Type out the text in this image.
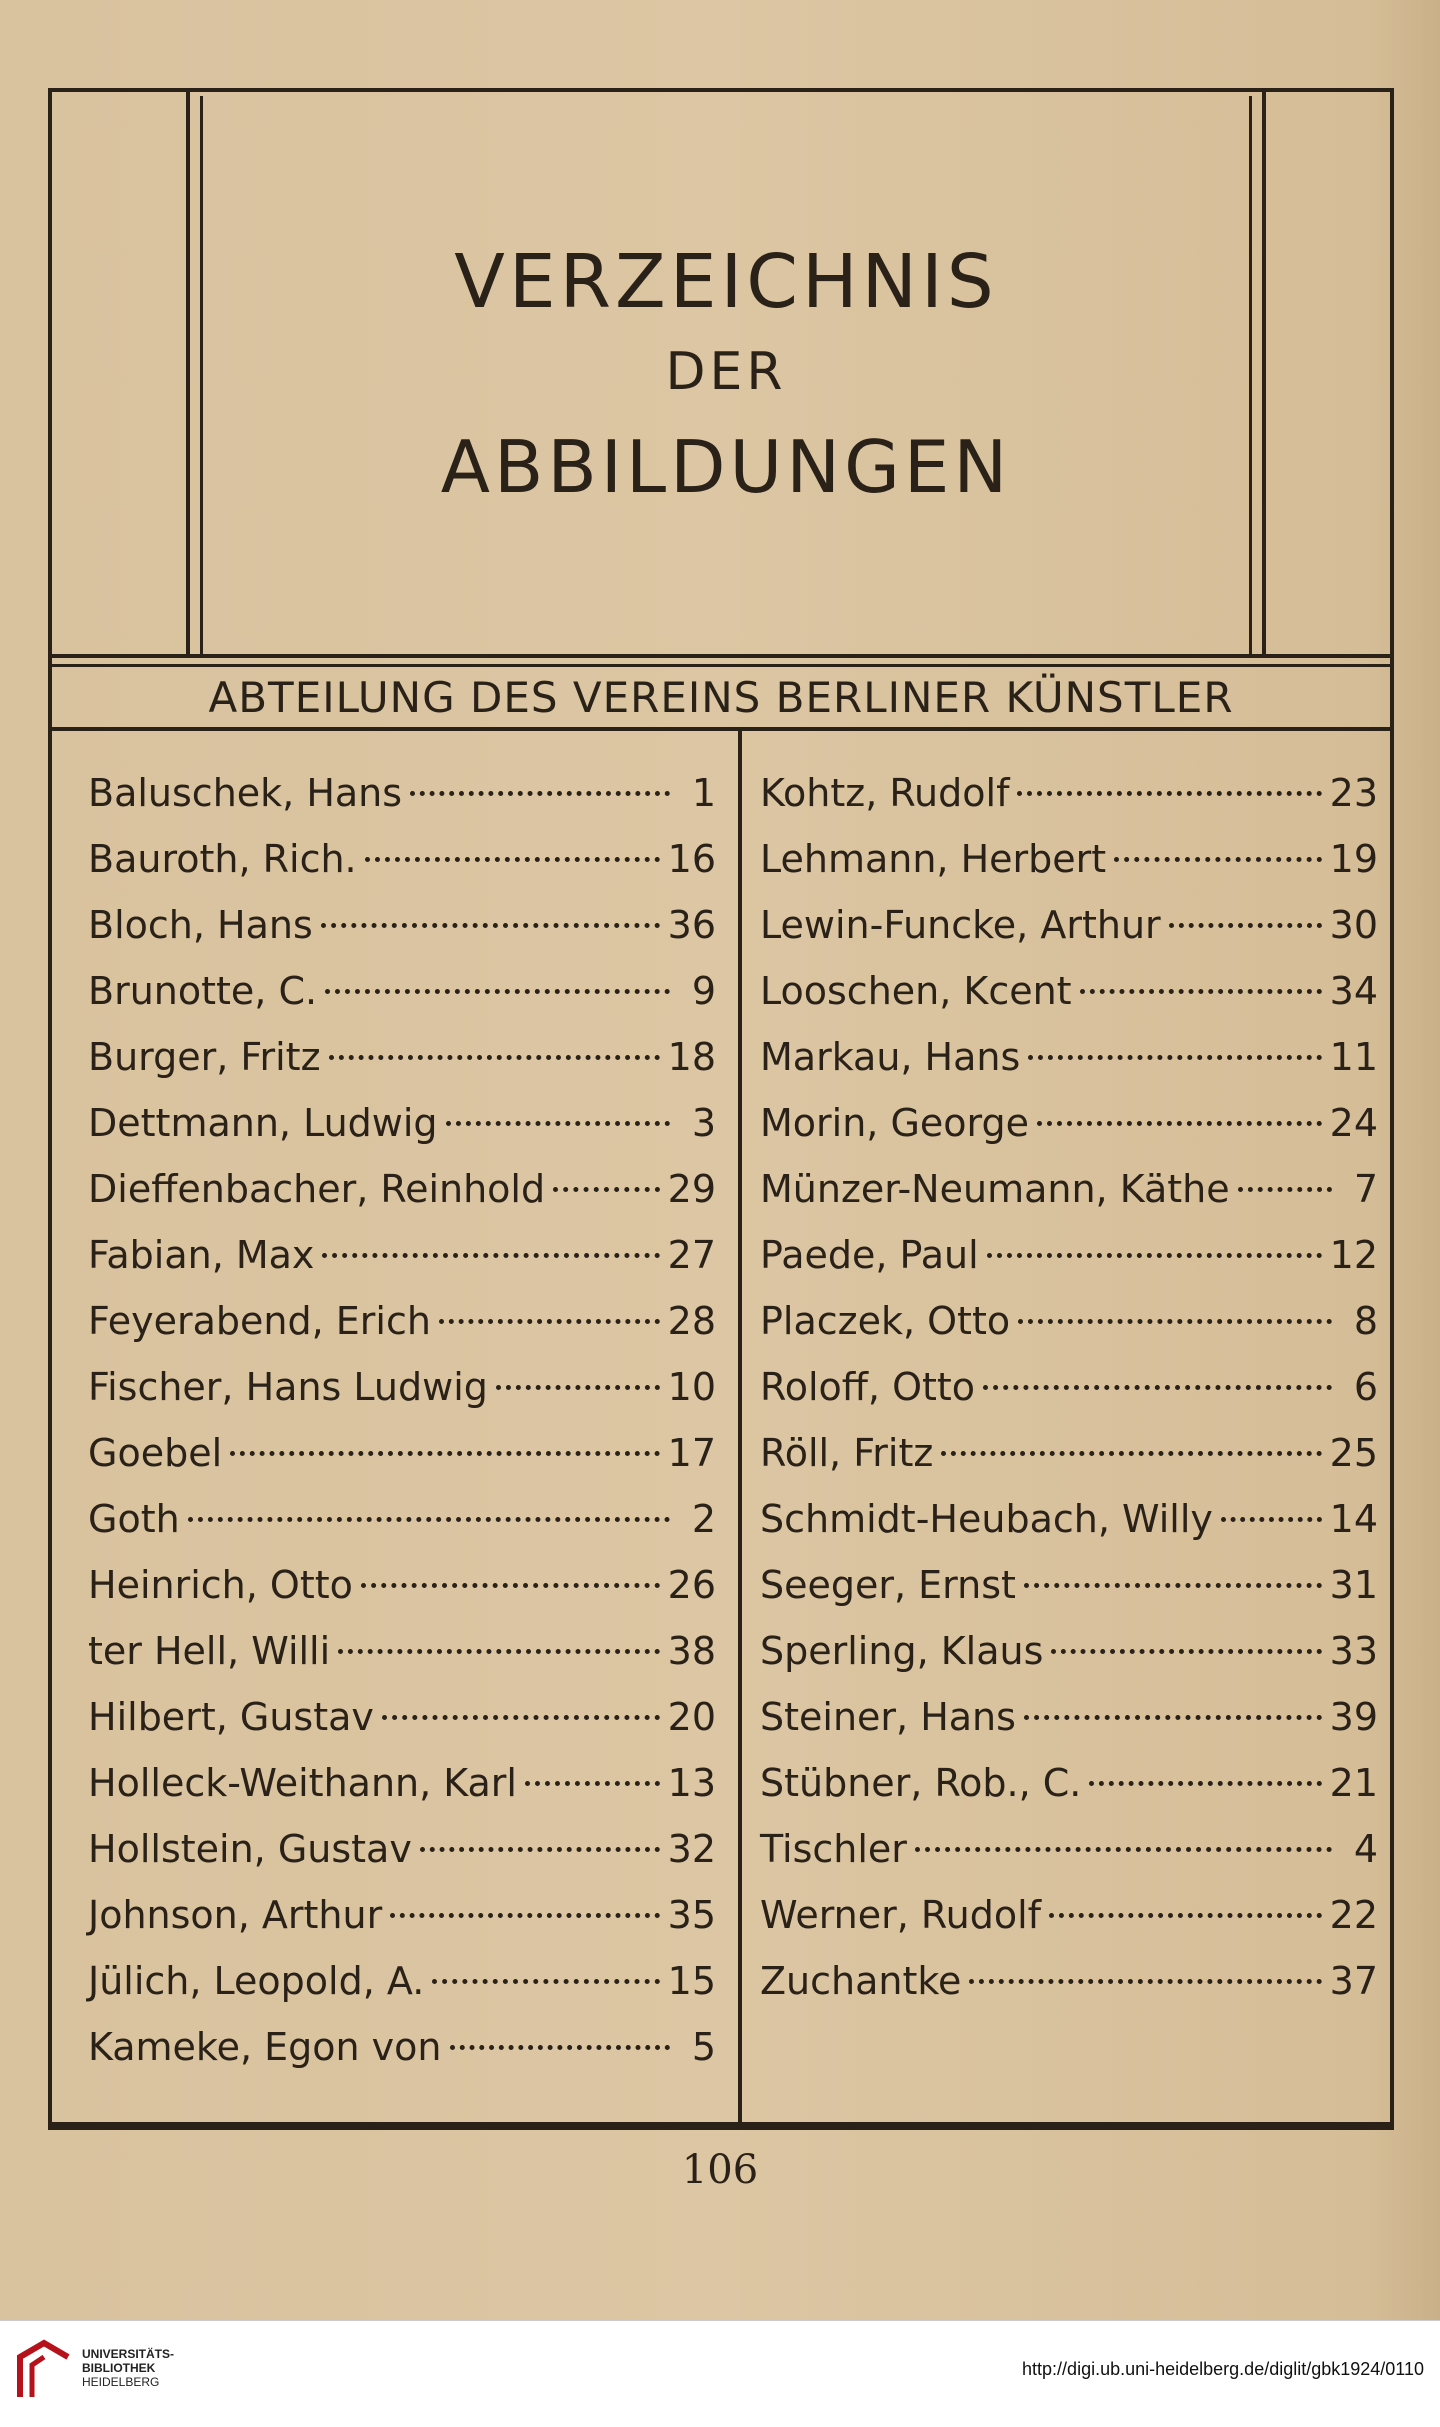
VERZEICHNIS
DER
ABBILDUNGEN
ABTEILUNG DES VEREINS BERLINER KÜNSTLER
Baluschek, Hans	1
Bauroth, Rich.	16
Bloch, Hans	36
Brunotte, C.	9
Burger, Fritz	18
Dettmann, Ludwig	3
Dieffenbacher, Reinhold	29
Fabian, Max	27
Feyerabend, Erich	28
Fischer, Hans Ludwig	10
Goebel	17
Goth	2
Heinrich, Otto	26
ter Hell, Willi	38
Hilbert, Gustav	20
Holleck-Weithann, Karl	13
Hollstein, Gustav	32
Johnson, Arthur	35
Jülich, Leopold, A.	15
Kameke, Egon von	5
Kohtz, Rudolf	23
Lehmann, Herbert	19
Lewin-Funcke, Arthur	30
Looschen, Kcent	34
Markau, Hans	11
Morin, George	24
Münzer-Neumann, Käthe	7
Paede, Paul	12
Placzek, Otto	8
Roloff, Otto	6
Röll, Fritz	25
Schmidt-Heubach, Willy	14
Seeger, Ernst	31
Sperling, Klaus	33
Steiner, Hans	39
Stübner, Rob., C.	21
Tischler	4
Werner, Rudolf	22
Zuchantke	37
106
UNIVERSITÄTS-
BIBLIOTHEK
HEIDELBERG
http://digi.ub.uni-heidelberg.de/diglit/gbk1924/0110
